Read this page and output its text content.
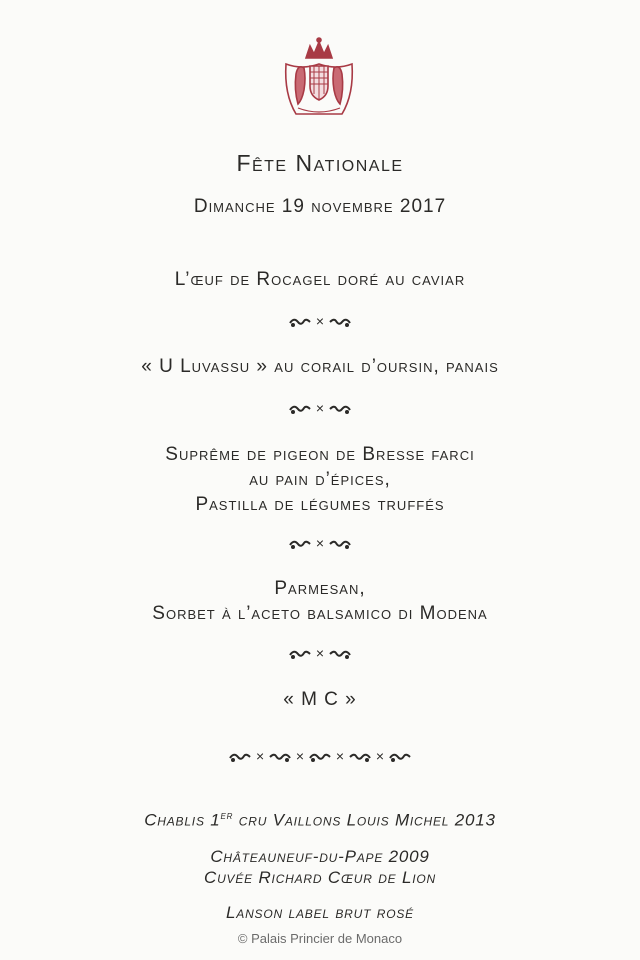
Fête Nationale
Dimanche 19 novembre 2017
L’œuf de Rocagel doré au caviar
×
« U Luvassu » au corail d’oursin, panais
×
Suprême de pigeon de Bresse farci
au pain d’épices,
Pastilla de légumes truffés
×
Parmesan,
Sorbet à l’aceto balsamico di Modena
×
« M C »
× × × ×
Chablis 1er cru Vaillons Louis Michel 2013
Châteauneuf-du-Pape 2009
Cuvée Richard Cœur de Lion
Lanson label brut rosé
© Palais Princier de Monaco
